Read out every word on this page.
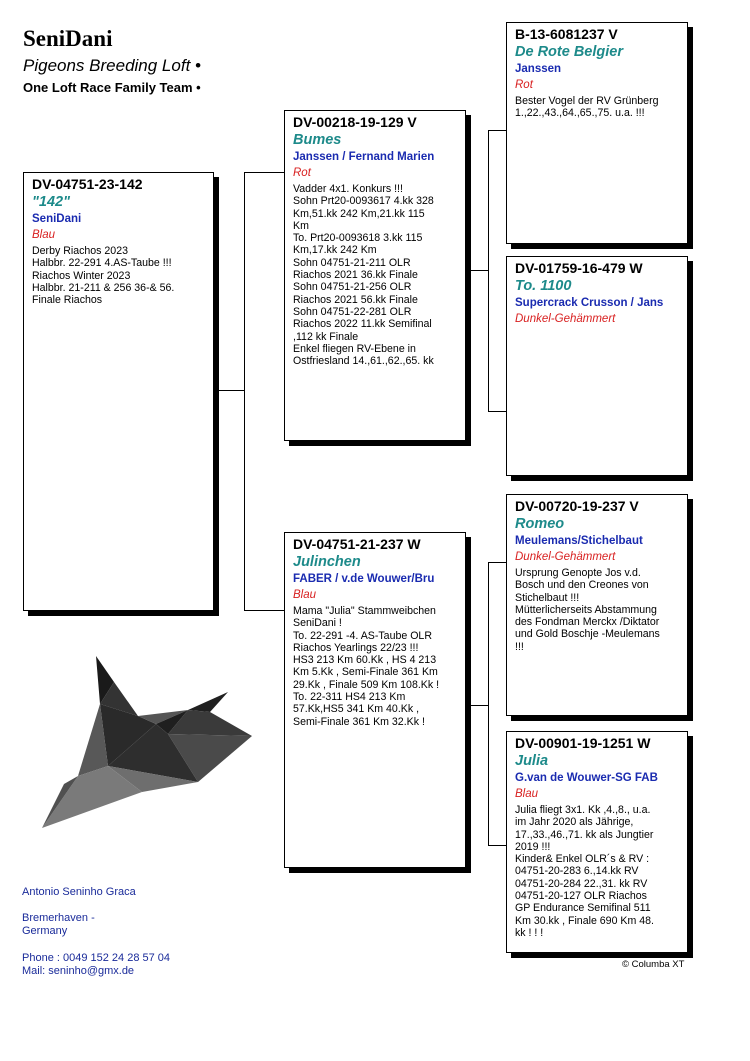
SeniDani
Pigeons Breeding Loft •
One Loft Race Family Team •
DV-04751-23-142
"142"
SeniDani
Blau
Derby Riachos 2023
Halbbr. 22-291 4.AS-Taube !!!
Riachos Winter 2023
Halbbr. 21-211 & 256 36-& 56.
Finale Riachos
DV-00218-19-129 V
Bumes
Janssen / Fernand Marien
Rot
Vadder 4x1. Konkurs !!!
Sohn Prt20-0093617 4.kk 328
Km,51.kk 242 Km,21.kk 115
Km
To. Prt20-0093618 3.kk 115
Km,17.kk 242 Km
Sohn 04751-21-211 OLR
Riachos 2021 36.kk Finale
Sohn 04751-21-256 OLR
Riachos 2021 56.kk Finale
Sohn 04751-22-281 OLR
Riachos 2022 11.kk Semifinal
,112 kk Finale
Enkel fliegen RV-Ebene in
Ostfriesland 14.,61.,62.,65. kk
DV-04751-21-237 W
Julinchen
FABER / v.de Wouwer/Bru
Blau
Mama "Julia" Stammweibchen
SeniDani !
To. 22-291 -4. AS-Taube OLR
Riachos Yearlings 22/23 !!!
HS3 213 Km 60.Kk , HS 4 213
Km 5.Kk , Semi-Finale 361 Km
29.Kk , Finale 509 Km 108.Kk !
To. 22-311 HS4 213 Km
57.Kk,HS5 341 Km 40.Kk ,
Semi-Finale 361 Km 32.Kk !
B-13-6081237 V
De Rote Belgier
Janssen
Rot
Bester Vogel der RV Grünberg
1.,22.,43.,64.,65.,75. u.a. !!!
DV-01759-16-479 W
To. 1100
Supercrack Crusson / Jans
Dunkel-Gehämmert
DV-00720-19-237 V
Romeo
Meulemans/Stichelbaut
Dunkel-Gehämmert
Ursprung Genopte Jos v.d.
Bosch und den Creones von
Stichelbaut !!!
Mütterlicherseits Abstammung
des Fondman Merckx /Diktator
und Gold Boschje -Meulemans
!!!
DV-00901-19-1251 W
Julia
G.van de Wouwer-SG FAB
Blau
Julia fliegt 3x1. Kk ,4.,8., u.a.
im Jahr 2020 als Jährige,
17.,33.,46.,71. kk als Jungtier
2019 !!!
Kinder& Enkel OLR´s & RV :
04751-20-283 6.,14.kk RV
04751-20-284 22.,31. kk RV
04751-20-127 OLR Riachos
GP Endurance Semifinal 511
Km 30.kk , Finale 690 Km 48.
kk ! ! !
Antonio Seninho Graca
Bremerhaven -
Germany
Phone : 0049 152 24 28 57 04
Mail: seninho@gmx.de
© Columba XT
